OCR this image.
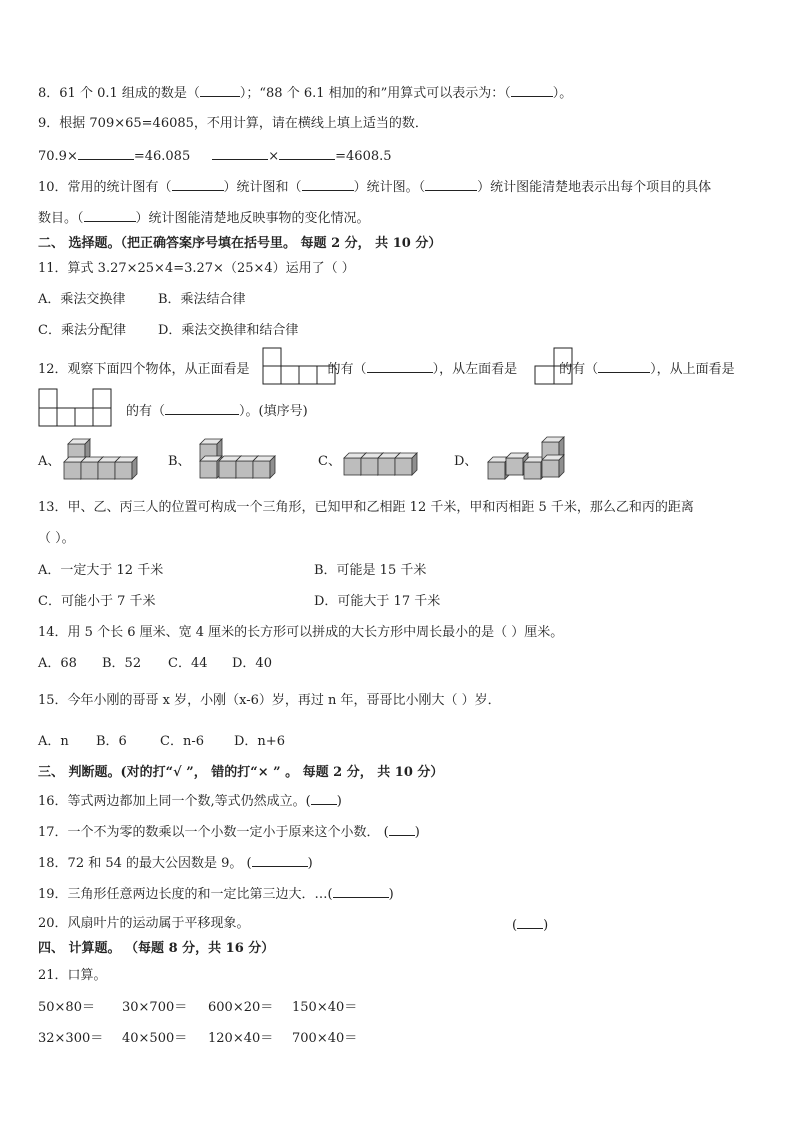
8．61 个 0.1 组成的数是（	）；“88 个 6.1 相加的和”用算式可以表示为：（	）。
9．根据 709×65=46085，不用计算，请在横线上填上适当的数．
70.9×	=46.085	×	=4608.5
10．常用的统计图有（	）统计图和（	）统计图。（	）统计图能清楚地表示出每个项目的具体
数目。（	）统计图能清楚地反映事物的变化情况。
二、 选择题。（把正确答案序号填在括号里。 每题 2 分， 共 10 分）
11．算式 3.27×25×4=3.27×（25×4）运用了（ ）
A．乘法交换律	B．乘法结合律
C．乘法分配律 D．乘法交换律和结合律
12．观察下面四个物体，从正面看是	的有（	），从左面看是	的有（	），从上面看是
的有（	）。(填序号)
A、	B、	C、	D、
13．甲、乙、丙三人的位置可构成一个三角形，已知甲和乙相距 12 千米，甲和丙相距 5 千米，那么乙和丙的距离
（ ）。
A．一定大于 12 千米	B．可能是 15 千米
C．可能小于 7 千米	D．可能大于 17 千米
14．用 5 个长 6 厘米、宽 4 厘米的长方形可以拼成的大长方形中周长最小的是（ ）厘米。
A．68 B．52 C．44 D．40
15．今年小刚的哥哥 x 岁，小刚（x-6）岁，再过 n 年，哥哥比小刚大（ ）岁．
A．n B．6	C．n-6 D．n+6
三、 判断题。(对的打“√ ”， 错的打“× ” 。 每题 2 分， 共 10 分）
16．等式两边都加上同一个数,等式仍然成立。( )
17．一个不为零的数乘以一个小数一定小于原来这个小数． ( )
18．72 和 54 的最大公因数是 9。 (	)
19．三角形任意两边长度的和一定比第三边大．…(	)
20．风扇叶片的运动属于平移现象。	( )
四、 计算题。 （每题 8 分，共 16 分）
21．口算。
50×80＝ 30×700＝ 600×20＝ 150×40＝
32×300＝ 40×500＝ 120×40＝ 700×40＝
